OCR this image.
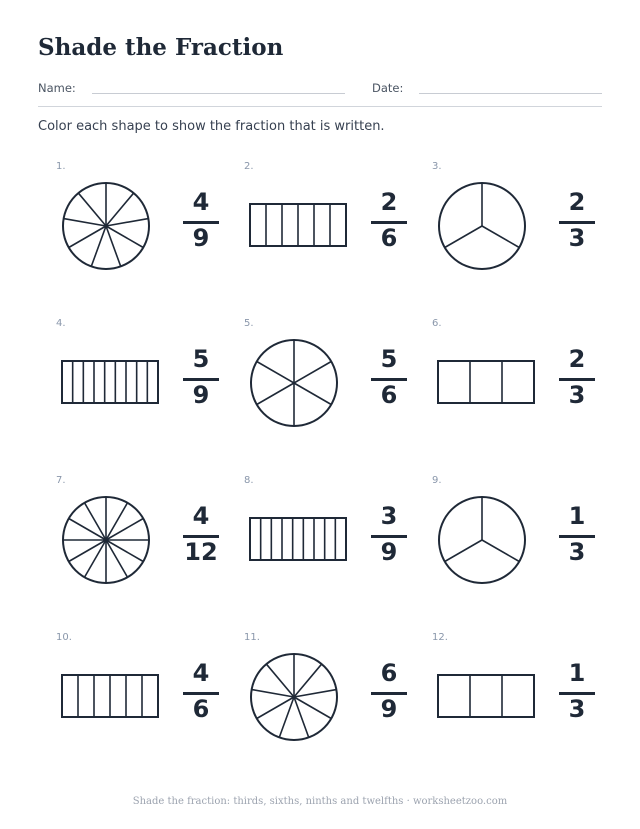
Shade the Fraction
Name:	Date:
Color each shape to show the fraction that is written.
1.
4
9
2.
2
6
3.
2
3
4.
5
9
5.
5
6
6.
2
3
7.
4
12
8.
3
9
9.
1
3
10.
4
6
11.
6
9
12.
1
3
Shade the fraction: thirds, sixths, ninths and twelfths · worksheetzoo.com
